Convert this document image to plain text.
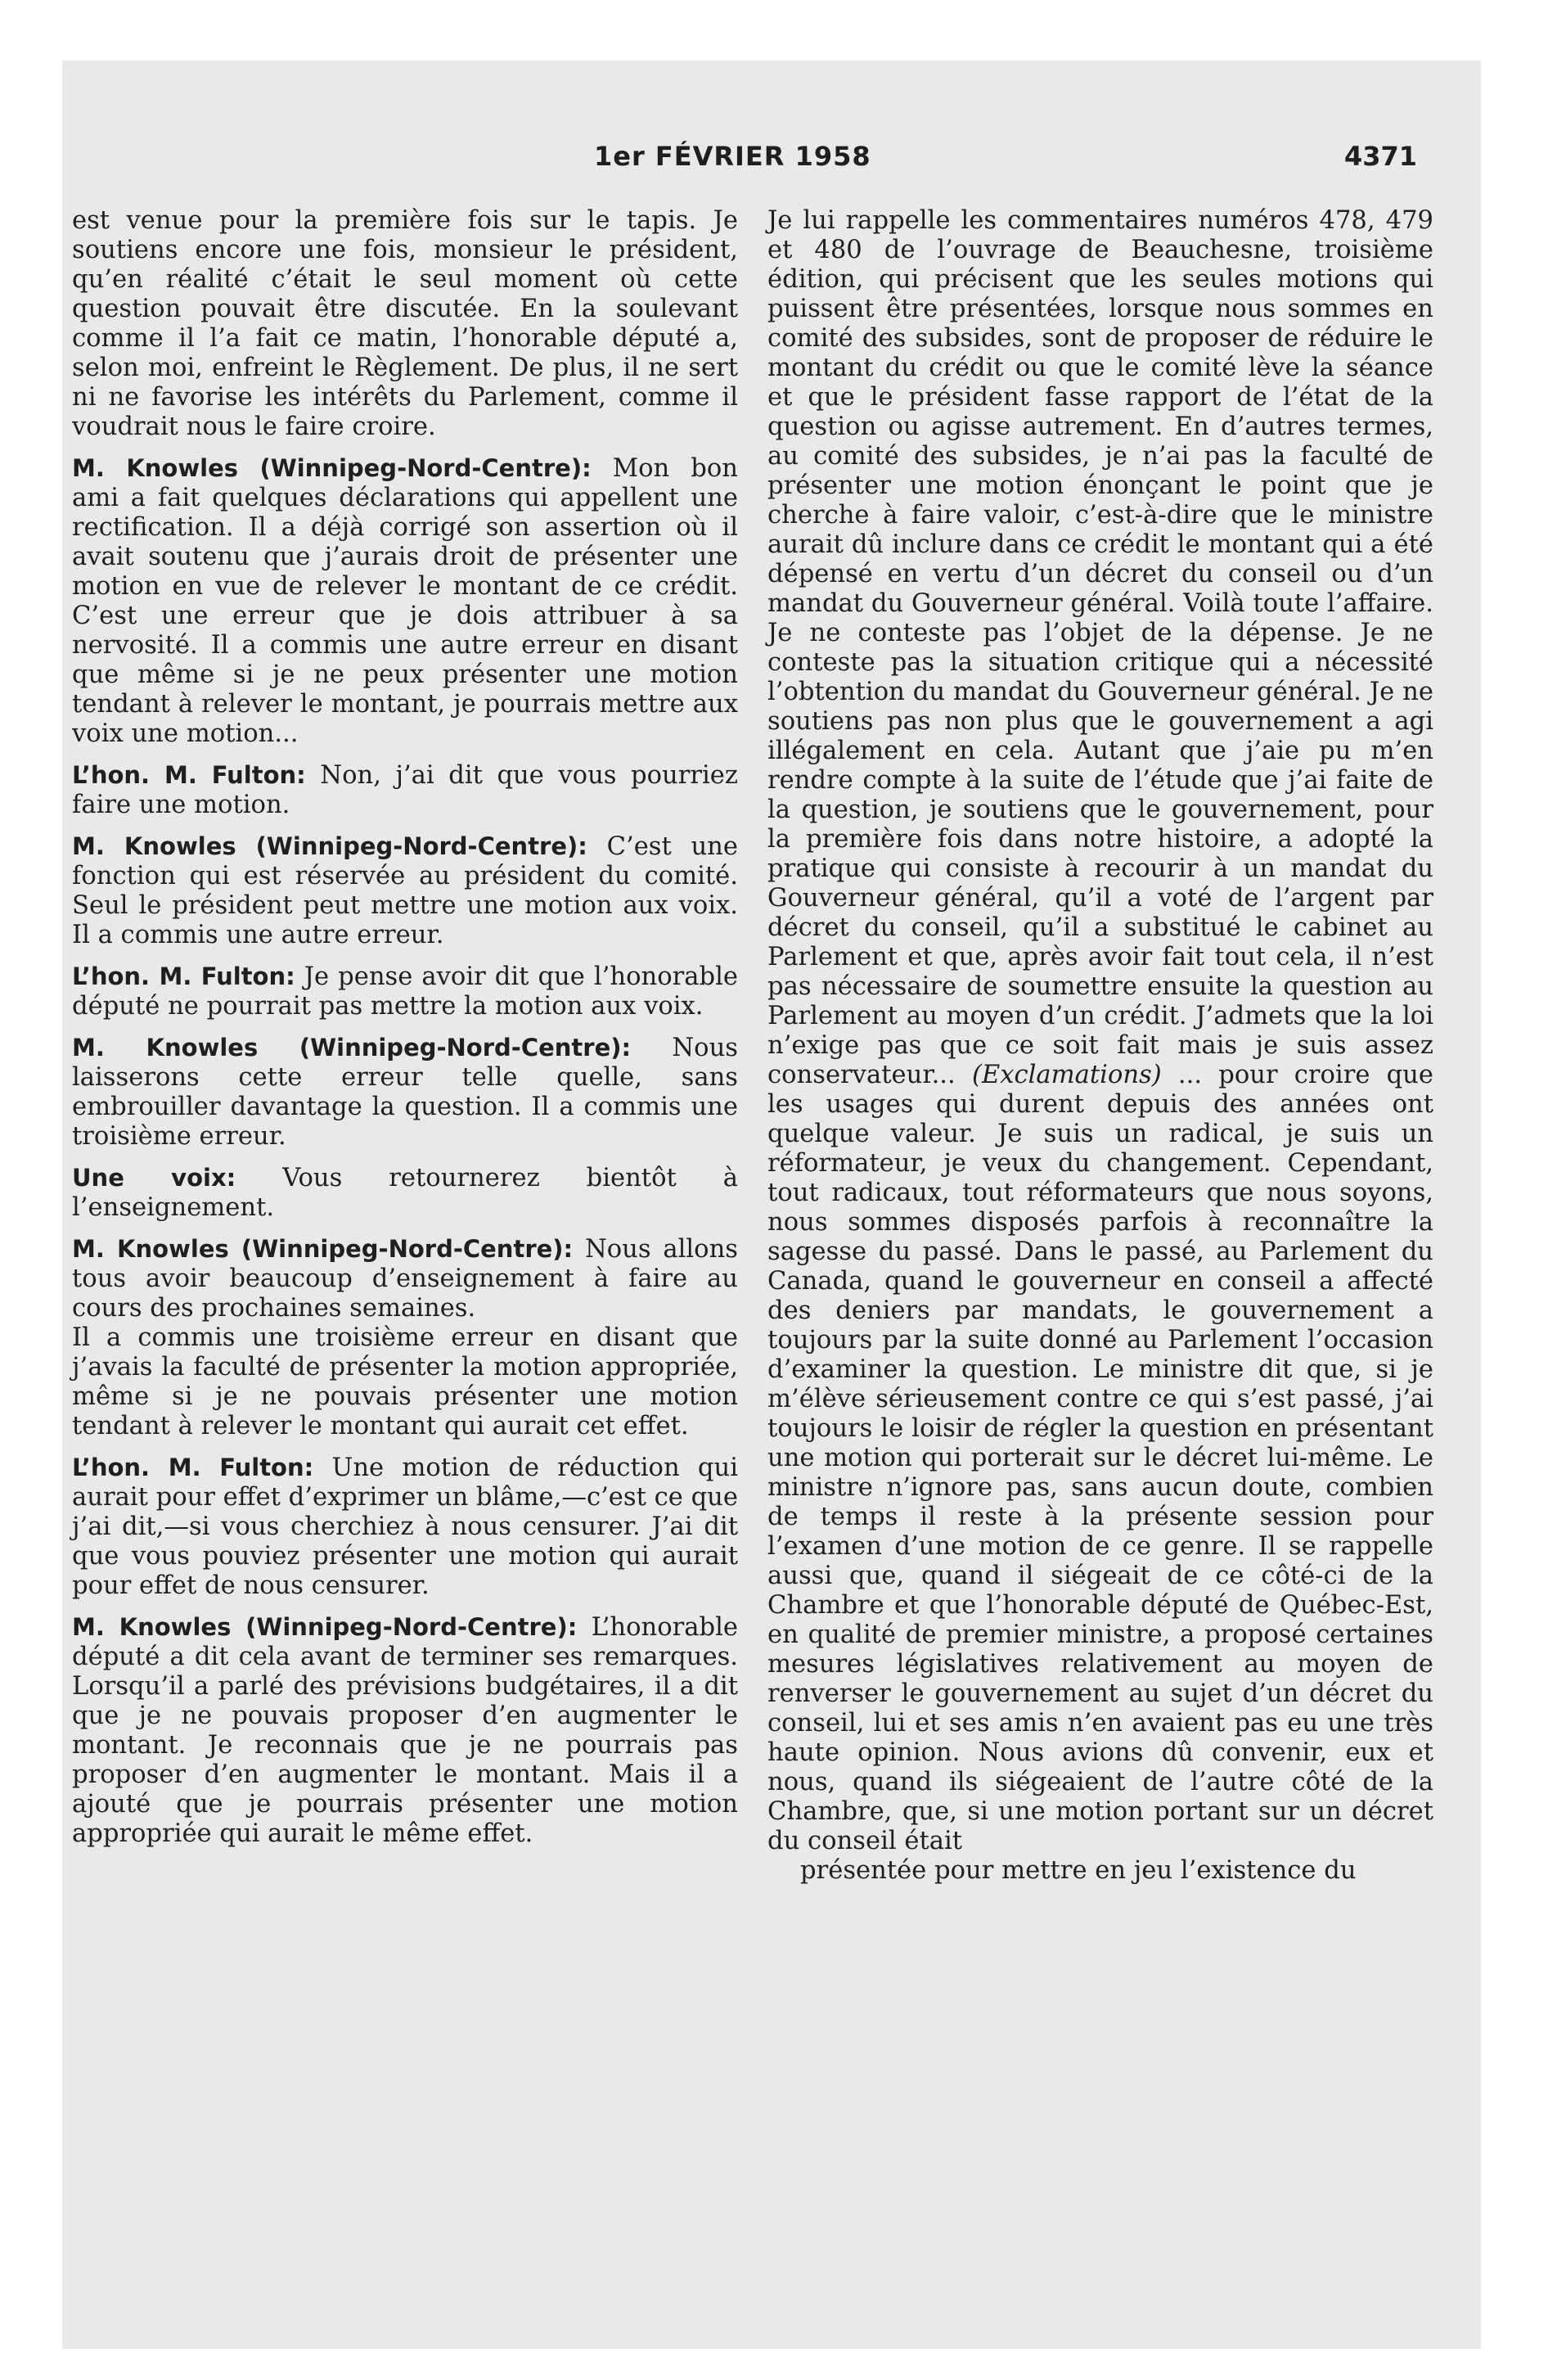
1er FÉVRIER 1958	4371

est venue pour la première fois sur le tapis. Je soutiens encore une fois, monsieur le président, qu’en réalité c’était le seul moment où cette question pouvait être discutée. En la soulevant comme il l’a fait ce matin, l’honorable député a, selon moi, enfreint le Règlement. De plus, il ne sert ni ne favorise les intérêts du Parlement, comme il voudrait nous le faire croire.

M. Knowles (Winnipeg-Nord-Centre): Mon bon ami a fait quelques déclarations qui appellent une rectification. Il a déjà corrigé son assertion où il avait soutenu que j’aurais droit de présenter une motion en vue de relever le montant de ce crédit. C’est une erreur que je dois attribuer à sa nervosité. Il a commis une autre erreur en disant que même si je ne peux présenter une motion tendant à relever le montant, je pourrais mettre aux voix une motion...

L’hon. M. Fulton: Non, j’ai dit que vous pourriez faire une motion.

M. Knowles (Winnipeg-Nord-Centre): C’est une fonction qui est réservée au président du comité. Seul le président peut mettre une motion aux voix. Il a commis une autre erreur.

L’hon. M. Fulton: Je pense avoir dit que l’honorable député ne pourrait pas mettre la motion aux voix.

M. Knowles (Winnipeg-Nord-Centre): Nous laisserons cette erreur telle quelle, sans embrouiller davantage la question. Il a commis une troisième erreur.

Une voix: Vous retournerez bientôt à l’enseignement.

M. Knowles (Winnipeg-Nord-Centre): Nous allons tous avoir beaucoup d’enseignement à faire au cours des prochaines semaines.

Il a commis une troisième erreur en disant que j’avais la faculté de présenter la motion appropriée, même si je ne pouvais présenter une motion tendant à relever le montant qui aurait cet effet.

L’hon. M. Fulton: Une motion de réduction qui aurait pour effet d’exprimer un blâme,—c’est ce que j’ai dit,—si vous cherchiez à nous censurer. J’ai dit que vous pouviez présenter une motion qui aurait pour effet de nous censurer.

M. Knowles (Winnipeg-Nord-Centre): L’honorable député a dit cela avant de terminer ses remarques. Lorsqu’il a parlé des prévisions budgétaires, il a dit que je ne pouvais proposer d’en augmenter le montant. Je reconnais que je ne pourrais pas proposer d’en augmenter le montant. Mais il a ajouté que je pourrais présenter une motion appropriée qui aurait le même effet.

Je lui rappelle les commentaires numéros 478, 479 et 480 de l’ouvrage de Beauchesne, troisième édition, qui précisent que les seules motions qui puissent être présentées, lorsque nous sommes en comité des subsides, sont de proposer de réduire le montant du crédit ou que le comité lève la séance et que le président fasse rapport de l’état de la question ou agisse autrement. En d’autres termes, au comité des subsides, je n’ai pas la faculté de présenter une motion énonçant le point que je cherche à faire valoir, c’est-à-dire que le ministre aurait dû inclure dans ce crédit le montant qui a été dépensé en vertu d’un décret du conseil ou d’un mandat du Gouverneur général. Voilà toute l’affaire. Je ne conteste pas l’objet de la dépense. Je ne conteste pas la situation critique qui a nécessité l’obtention du mandat du Gouverneur général. Je ne soutiens pas non plus que le gouvernement a agi illégalement en cela. Autant que j’aie pu m’en rendre compte à la suite de l’étude que j’ai faite de la question, je soutiens que le gouvernement, pour la première fois dans notre histoire, a adopté la pratique qui consiste à recourir à un mandat du Gouverneur général, qu’il a voté de l’argent par décret du conseil, qu’il a substitué le cabinet au Parlement et que, après avoir fait tout cela, il n’est pas nécessaire de soumettre ensuite la question au Parlement au moyen d’un crédit. J’admets que la loi n’exige pas que ce soit fait mais je suis assez conservateur... (Exclamations) ... pour croire que les usages qui durent depuis des années ont quelque valeur. Je suis un radical, je suis un réformateur, je veux du changement. Cependant, tout radicaux, tout réformateurs que nous soyons, nous sommes disposés parfois à reconnaître la sagesse du passé. Dans le passé, au Parlement du Canada, quand le gouverneur en conseil a affecté des deniers par mandats, le gouvernement a toujours par la suite donné au Parlement l’occasion d’examiner la question. Le ministre dit que, si je m’élève sérieusement contre ce qui s’est passé, j’ai toujours le loisir de régler la question en présentant une motion qui porterait sur le décret lui-même. Le ministre n’ignore pas, sans aucun doute, combien de temps il reste à la présente session pour l’examen d’une motion de ce genre. Il se rappelle aussi que, quand il siégeait de ce côté-ci de la Chambre et que l’honorable député de Québec-Est, en qualité de premier ministre, a proposé certaines mesures législatives relativement au moyen de renverser le gouvernement au sujet d’un décret du conseil, lui et ses amis n’en avaient pas eu une très haute opinion. Nous avions dû convenir, eux et nous, quand ils siégeaient de l’autre côté de la Chambre, que, si une motion portant sur un décret du conseil était

présentée pour mettre en jeu l’existence du
